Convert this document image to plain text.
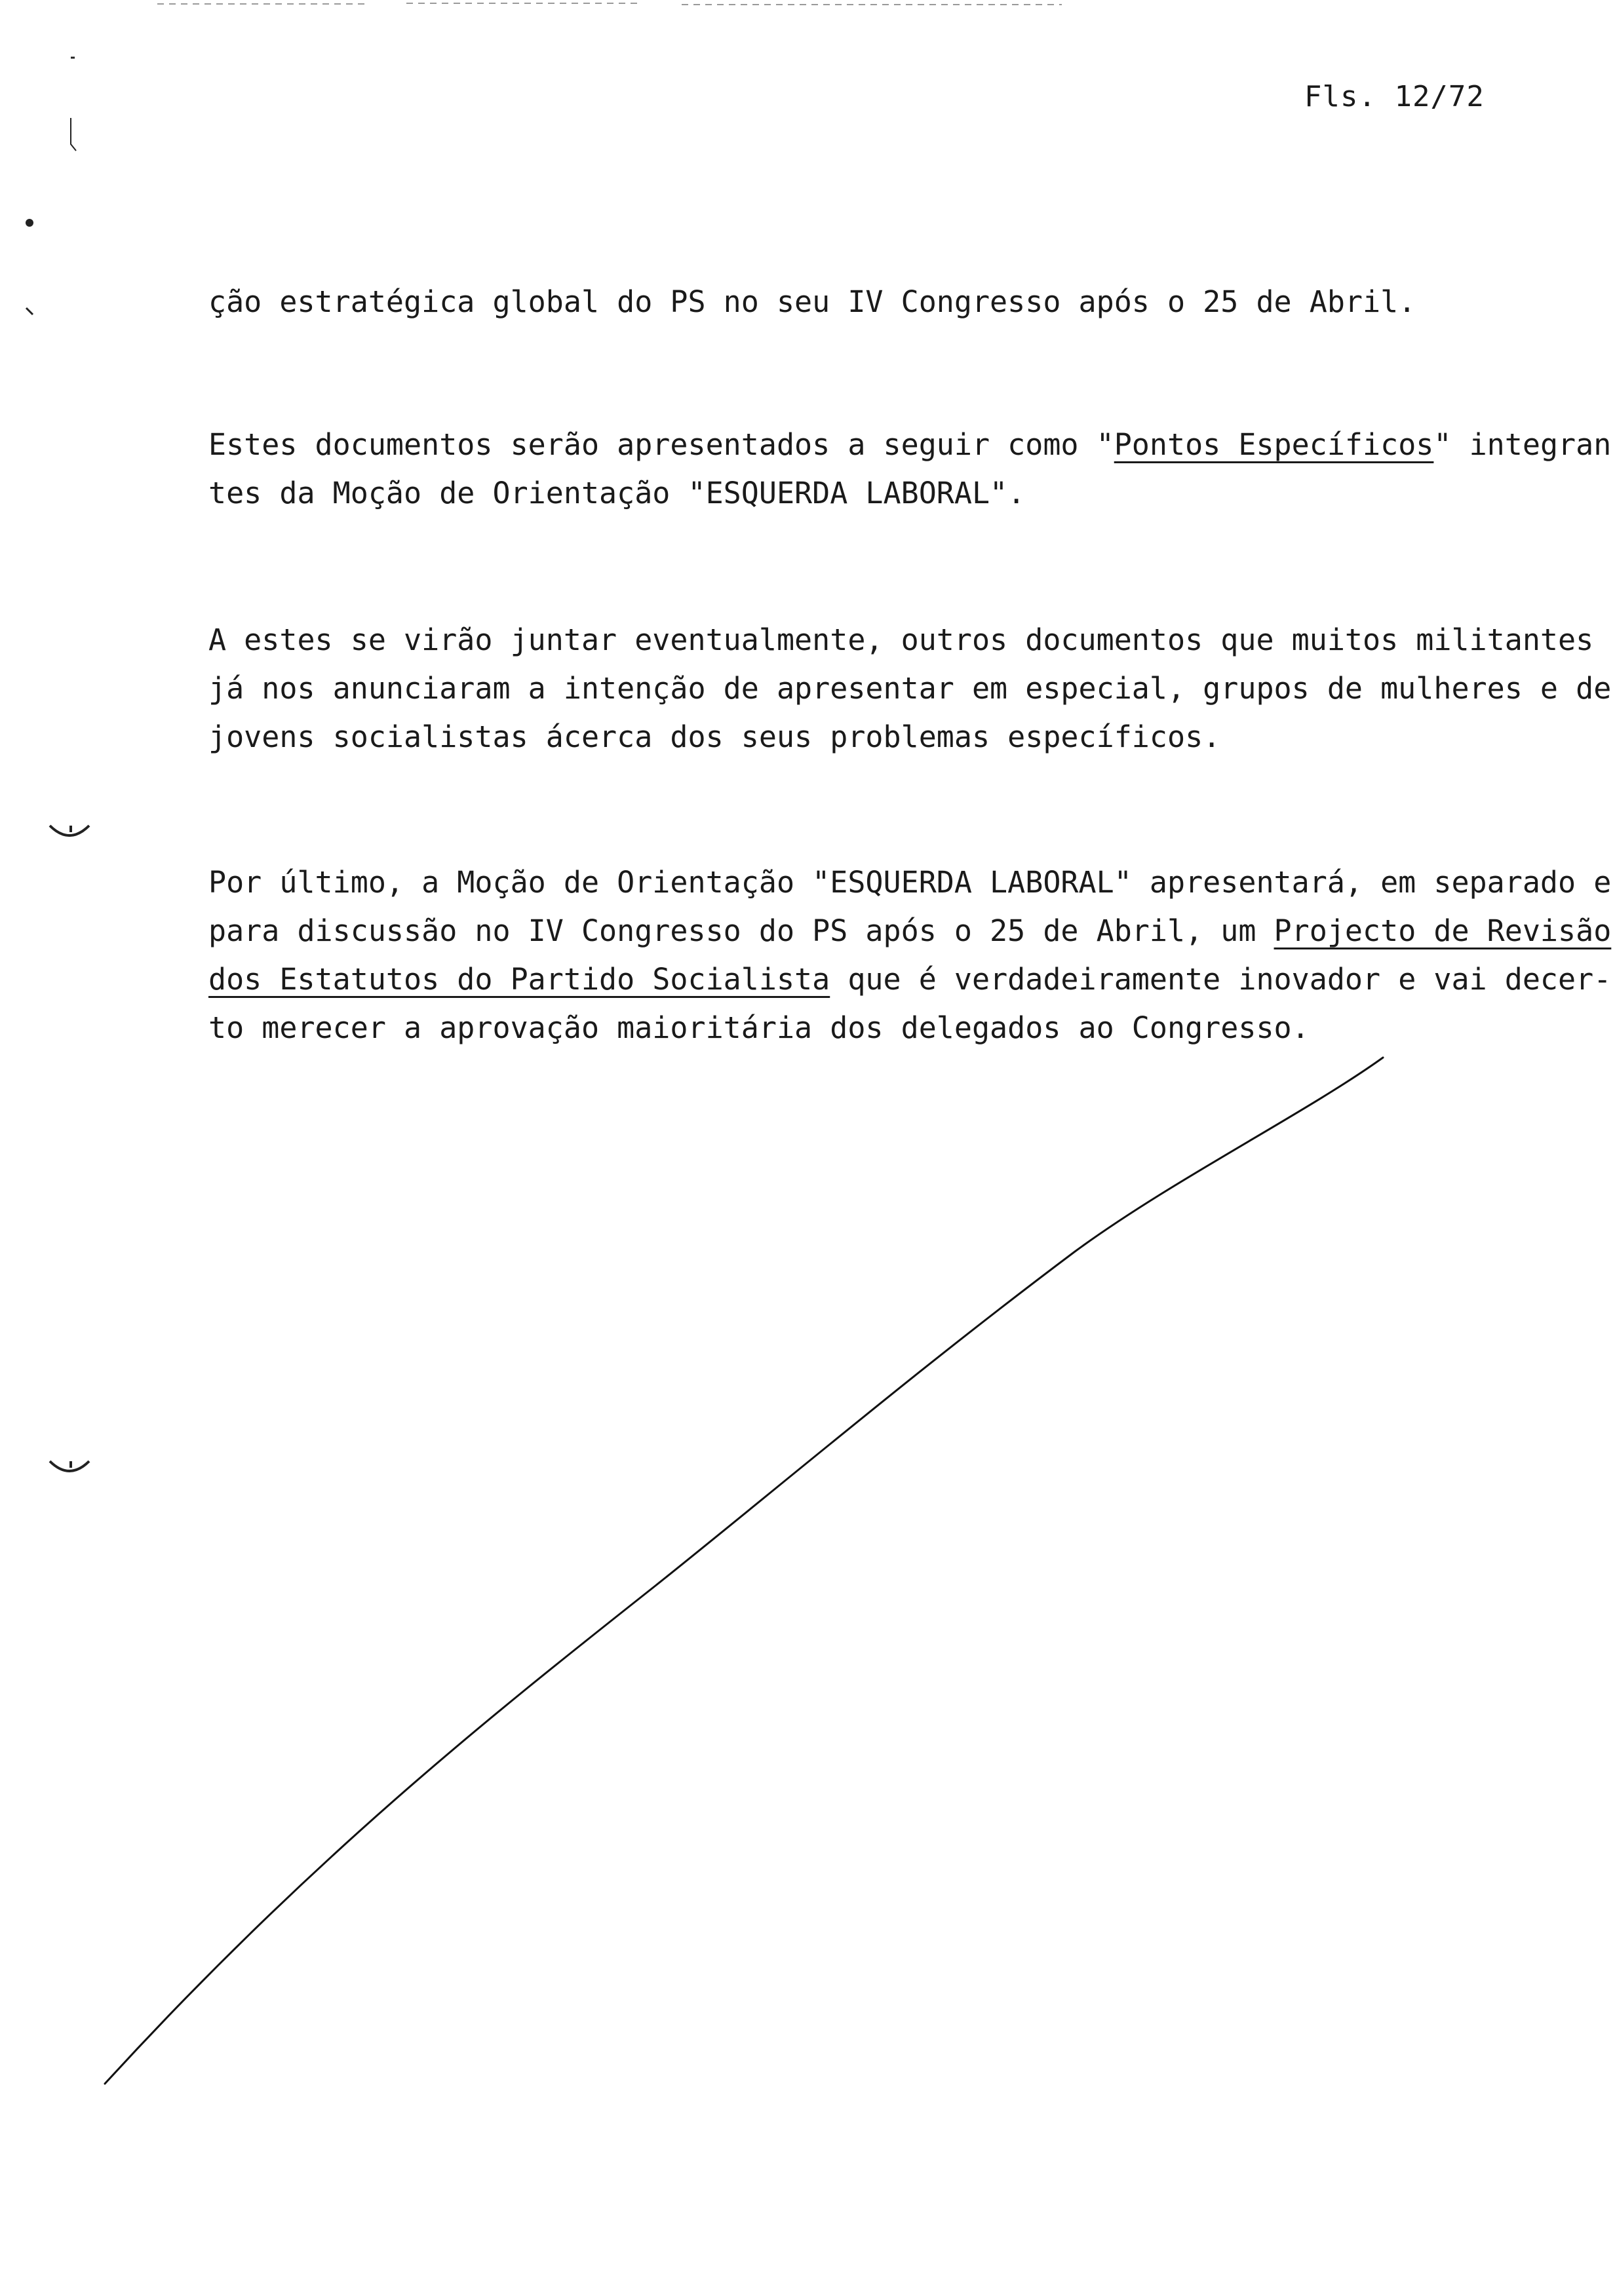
Fls. 12/72
ção estratégica global do PS no seu IV Congresso após o 25 de Abril.
Estes documentos serão apresentados a seguir como "Pontos Específicos" integran
tes da Moção de Orientação "ESQUERDA LABORAL".
A estes se virão juntar eventualmente, outros documentos que muitos militantes
já nos anunciaram a intenção de apresentar em especial, grupos de mulheres e de
jovens socialistas ácerca dos seus problemas específicos.
Por último, a Moção de Orientação "ESQUERDA LABORAL" apresentará, em separado e
para discussão no IV Congresso do PS após o 25 de Abril, um Projecto de Revisão
dos Estatutos do Partido Socialista que é verdadeiramente inovador e vai decer-
to merecer a aprovação maioritária dos delegados ao Congresso.
